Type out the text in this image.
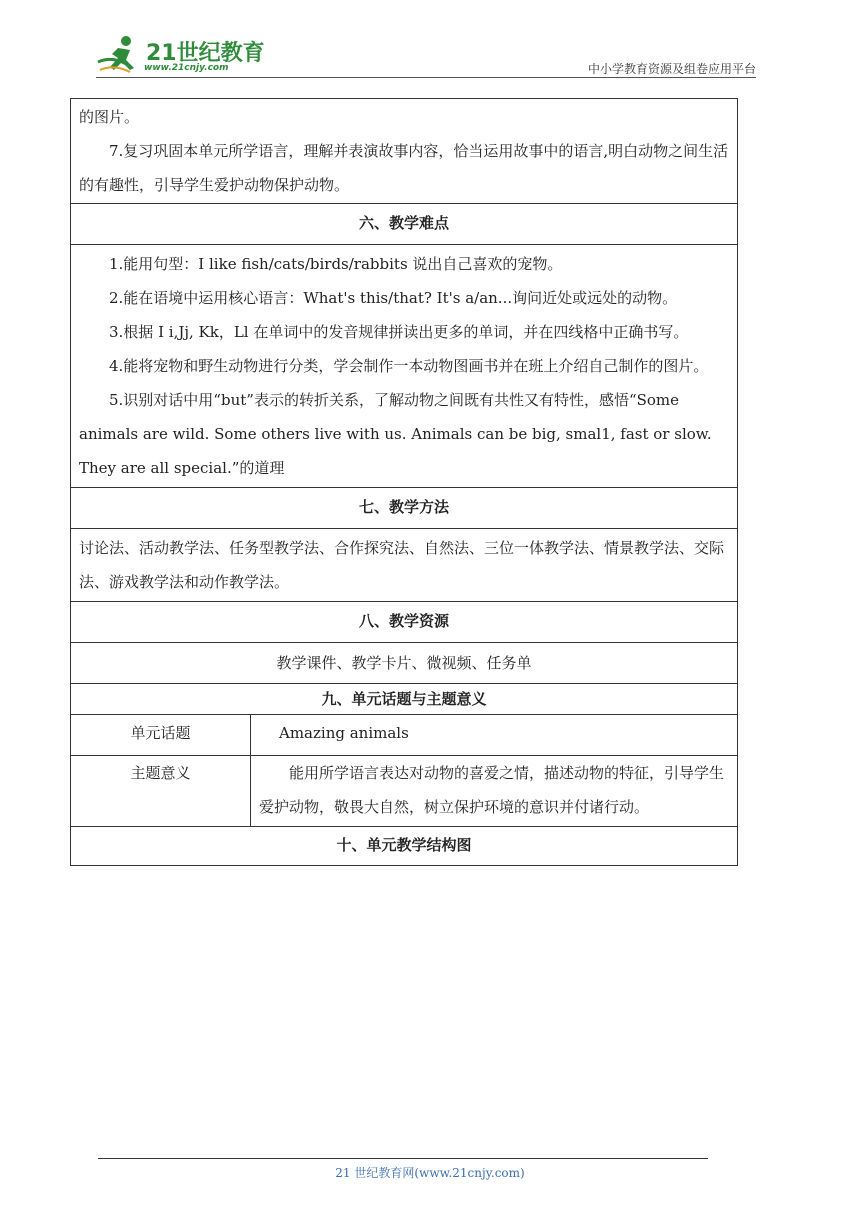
21世纪教育
www.21cnjy.com	中小学教育资源及组卷应用平台

的图片。

7.复习巩固本单元所学语言，理解并表演故事内容，恰当运用故事中的语言,明白动物之间生活的有趣性，引导学生爱护动物保护动物。	

六、教学难点	

1.能用句型：I like fish/cats/birds/rabbits 说出自己喜欢的宠物。

2.能在语境中运用核心语言：What's this/that? It's a/an...询问近处或远处的动物。

3.根据 I i,Jj, Kk，Ll 在单词中的发音规律拼读出更多的单词，并在四线格中正确书写。

4.能将宠物和野生动物进行分类，学会制作一本动物图画书并在班上介绍自己制作的图片。

5.识别对话中用“but”表示的转折关系，了解动物之间既有共性又有特性，感悟“Some animals are wild. Some others live with us. Animals can be big, smal1, fast or slow. They are all special.”的道理	

七、教学方法	

讨论法、活动教学法、任务型教学法、合作探究法、自然法、三位一体教学法、情景教学法、交际法、游戏教学法和动作教学法。	

八、教学资源	
教学课件、教学卡片、微视频、任务单	
九、单元话题与主题意义	
单元话题	Amazing animals
主题意义	能用所学语言表达对动物的喜爱之情，描述动物的特征，引导学生爱护动物，敬畏大自然，树立保护环境的意识并付诸行动。

十、单元教学结构图	
21 世纪教育网(www.21cnjy.com)
